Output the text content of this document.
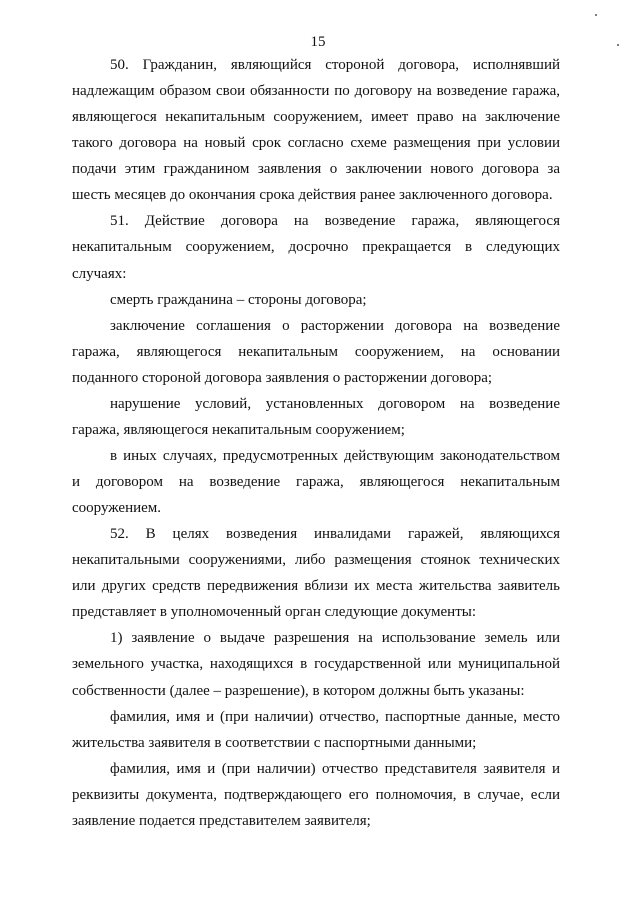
15
50. Гражданин, являющийся стороной договора, исполнявший
надлежащим образом свои обязанности по договору на возведение гаража,
являющегося некапитальным сооружением, имеет право на заключение
такого договора на новый срок согласно схеме размещения при условии
подачи этим гражданином заявления о заключении нового договора за
шесть месяцев до окончания срока действия ранее заключенного договора.
51. Действие договора на возведение гаража, являющегося
некапитальным сооружением, досрочно прекращается в следующих
случаях:
смерть гражданина – стороны договора;
заключение соглашения о расторжении договора на возведение
гаража, являющегося некапитальным сооружением, на основании
поданного стороной договора заявления о расторжении договора;
нарушение условий, установленных договором на возведение
гаража, являющегося некапитальным сооружением;
в иных случаях, предусмотренных действующим законодательством
и договором на возведение гаража, являющегося некапитальным
сооружением.
52. В целях возведения инвалидами гаражей, являющихся
некапитальными сооружениями, либо размещения стоянок технических
или других средств передвижения вблизи их места жительства заявитель
представляет в уполномоченный орган следующие документы:
1) заявление о выдаче разрешения на использование земель или
земельного участка, находящихся в государственной или муниципальной
собственности (далее – разрешение), в котором должны быть указаны:
фамилия, имя и (при наличии) отчество, паспортные данные, место
жительства заявителя в соответствии с паспортными данными;
фамилия, имя и (при наличии) отчество представителя заявителя и
реквизиты документа, подтверждающего его полномочия, в случае, если
заявление подается представителем заявителя;
